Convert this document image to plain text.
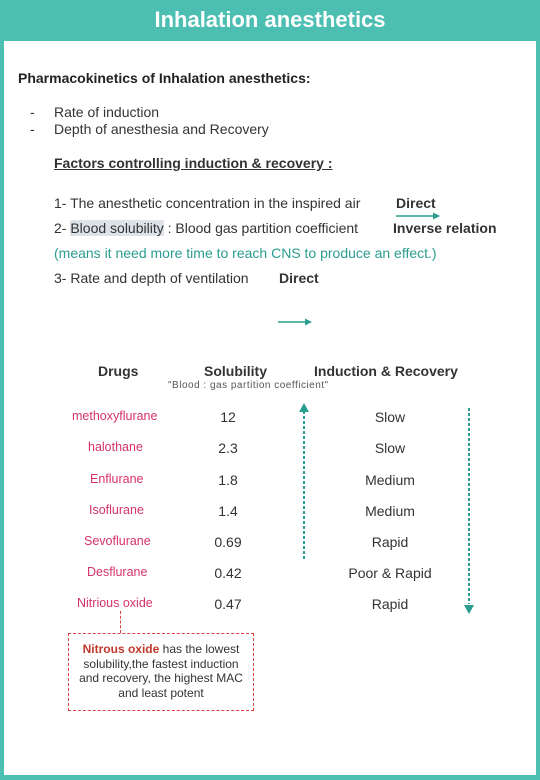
Inhalation anesthetics
Pharmacokinetics of Inhalation anesthetics:
- Rate of induction
- Depth of anesthesia and Recovery
Factors controlling induction & recovery :
1- The anesthetic concentration in the inspired air	Direct
2- Blood solubility : Blood gas partition coefficient Inverse relation
(means it need more time to reach CNS to produce an effect.)
3- Rate and depth of ventilation Direct
Drugs	Solubility	Induction & Recovery
"Blood : gas partition coefficient"
methoxyflurane	12	Slow
halothane	2.3	Slow
Enflurane	1.8	Medium
Isoflurane	1.4	Medium
Sevoflurane	0.69	Rapid
Desflurane	0.42	Poor & Rapid
Nitrious oxide	0.47	Rapid
Nitrous oxide has the lowest solubility,the fastest induction and recovery, the highest MAC and least potent
